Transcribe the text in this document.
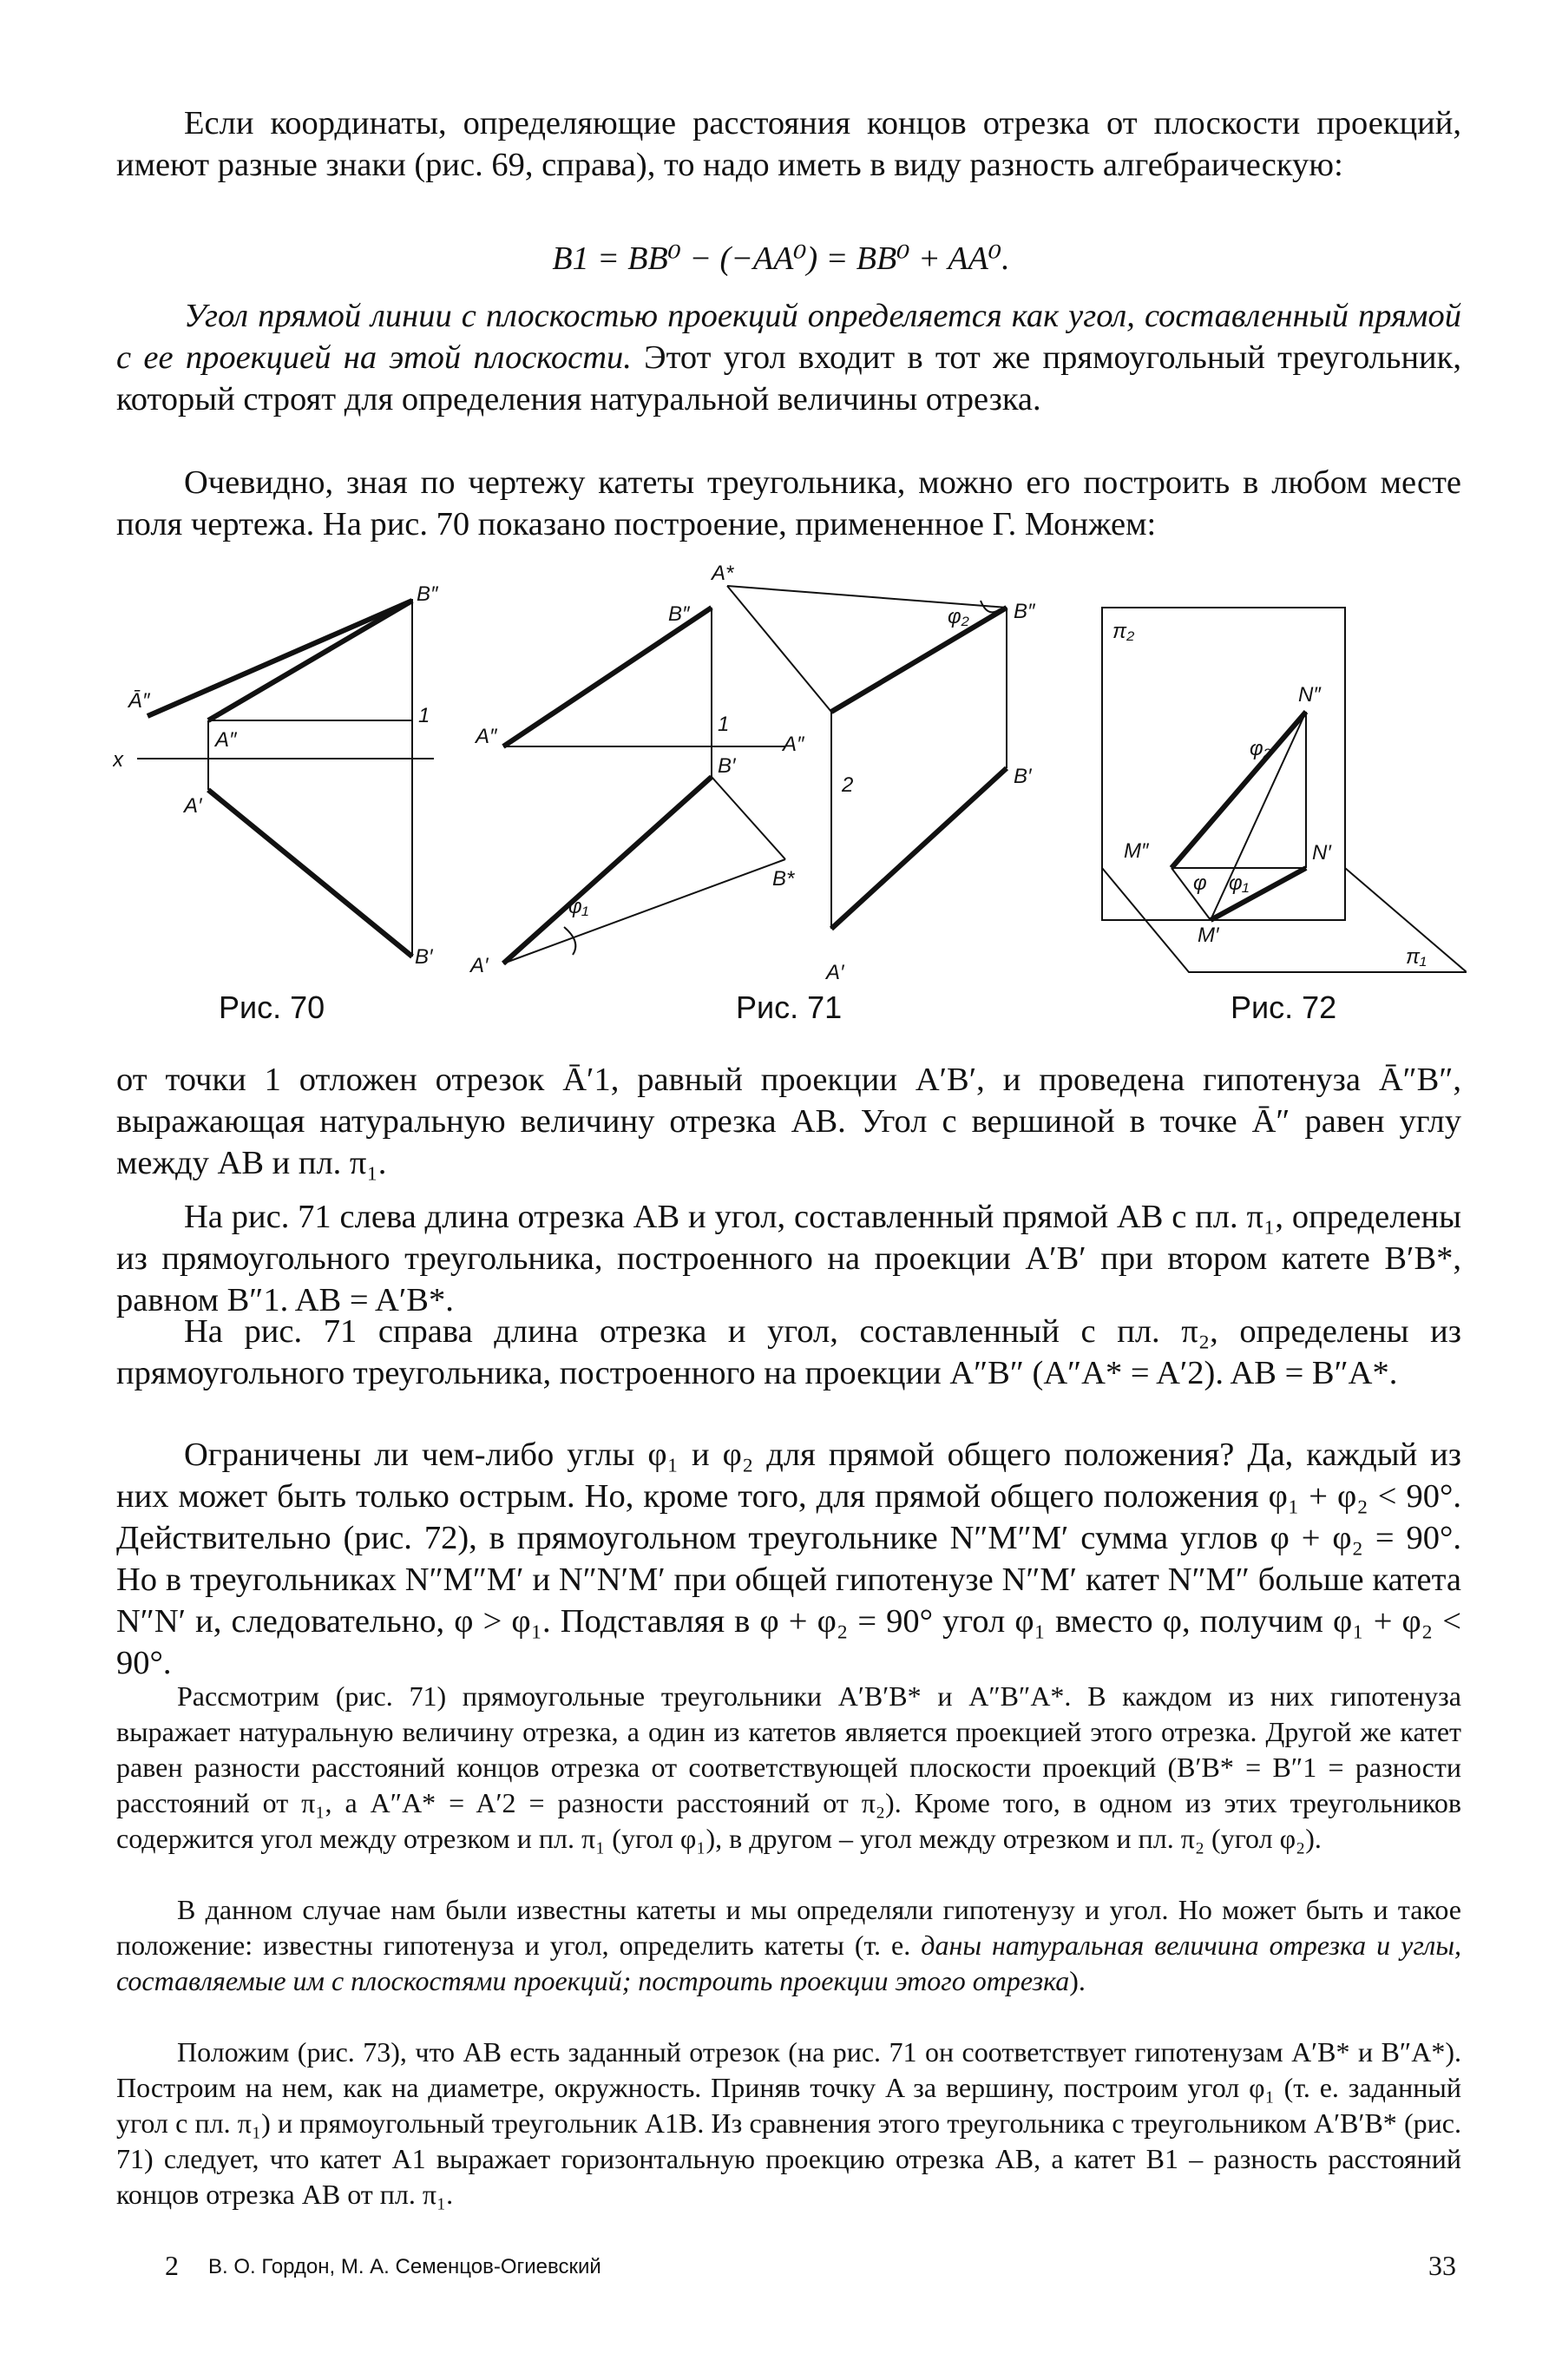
Если координаты, определяющие расстояния концов отрезка от плоскости проекций, имеют разные знаки (рис. 69, справа), то надо иметь в виду разность алгебраическую:

B1 = BB⁰ − (−AA⁰) = BB⁰ + AA⁰.

Угол прямой линии с плоскостью проекций определяется как угол, составленный прямой с ее проекцией на этой плоскости. Этот угол входит в тот же прямоугольный треугольник, который строят для определения натуральной величины отрезка.

Очевидно, зная по чертежу катеты треугольника, можно его построить в любом месте поля чертежа. На рис. 70 показано построение, примененное Г. Монжем:

Ā″
A″
x
A′
B″
1
B′
A*
B″
A″
1
B′
B*
φ₁
A′
φ₂ B″
A″
2	B′
A′
π₂
N″
φ₂
M″	N′
φ φ₁
M′
π₁
Рис. 70	Рис. 71	Рис. 72

от точки 1 отложен отрезок Ā′1, равный проекции A′B′, и проведена гипотенуза Ā″B″, выражающая натуральную величину отрезка AB. Угол с вершиной в точке Ā″ равен углу между AB и пл. π₁.

На рис. 71 слева длина отрезка AB и угол, составленный прямой AB с пл. π₁, определены из прямоугольного треугольника, построенного на проекции A′B′ при втором катете B′B*, равном B″1. AB = A′B*.

На рис. 71 справа длина отрезка и угол, составленный с пл. π₂, определены из прямоугольного треугольника, построенного на проекции A″B″ (A″A* = A′2). AB = B″A*.

Ограничены ли чем-либо углы φ₁ и φ₂ для прямой общего положения? Да, каждый из них может быть только острым. Но, кроме того, для прямой общего положения φ₁ + φ₂ < 90°. Действительно (рис. 72), в прямоугольном треугольнике N″M″M′ сумма углов φ + φ₂ = 90°. Но в треугольниках N″M″M′ и N″N′M′ при общей гипотенузе N″M′ катет N″M″ больше катета N″N′ и, следовательно, φ > φ₁. Подставляя в φ + φ₂ = 90° угол φ₁ вместо φ, получим φ₁ + φ₂ < 90°.

Рассмотрим (рис. 71) прямоугольные треугольники A′B′B* и A″B″A*. В каждом из них гипотенуза выражает натуральную величину отрезка, а один из катетов является проекцией этого отрезка. Другой же катет равен разности расстояний концов отрезка от соответствующей плоскости проекций (B′B* = B″1 = разности расстояний от π₁, а A″A* = A′2 = разности расстояний от π₂). Кроме того, в одном из этих треугольников содержится угол между отрезком и пл. π₁ (угол φ₁), в другом – угол между отрезком и пл. π₂ (угол φ₂).

В данном случае нам были известны катеты и мы определяли гипотенузу и угол. Но может быть и такое положение: известны гипотенуза и угол, определить катеты (т. е. даны натуральная величина отрезка и углы, составляемые им с плоскостями проекций; построить проекции этого отрезка).

Положим (рис. 73), что AB есть заданный отрезок (на рис. 71 он соответствует гипотенузам A′B* и B″A*). Построим на нем, как на диаметре, окружность. Приняв точку A за вершину, построим угол φ₁ (т. е. заданный угол с пл. π₁) и прямоугольный треугольник A1B. Из сравнения этого треугольника с треугольником A′B′B* (рис. 71) следует, что катет A1 выражает горизонтальную проекцию отрезка AB, а катет B1 – разность расстояний концов отрезка AB от пл. π₁.

2 В. О. Гордон, М. А. Семенцов-Огиевский	33
